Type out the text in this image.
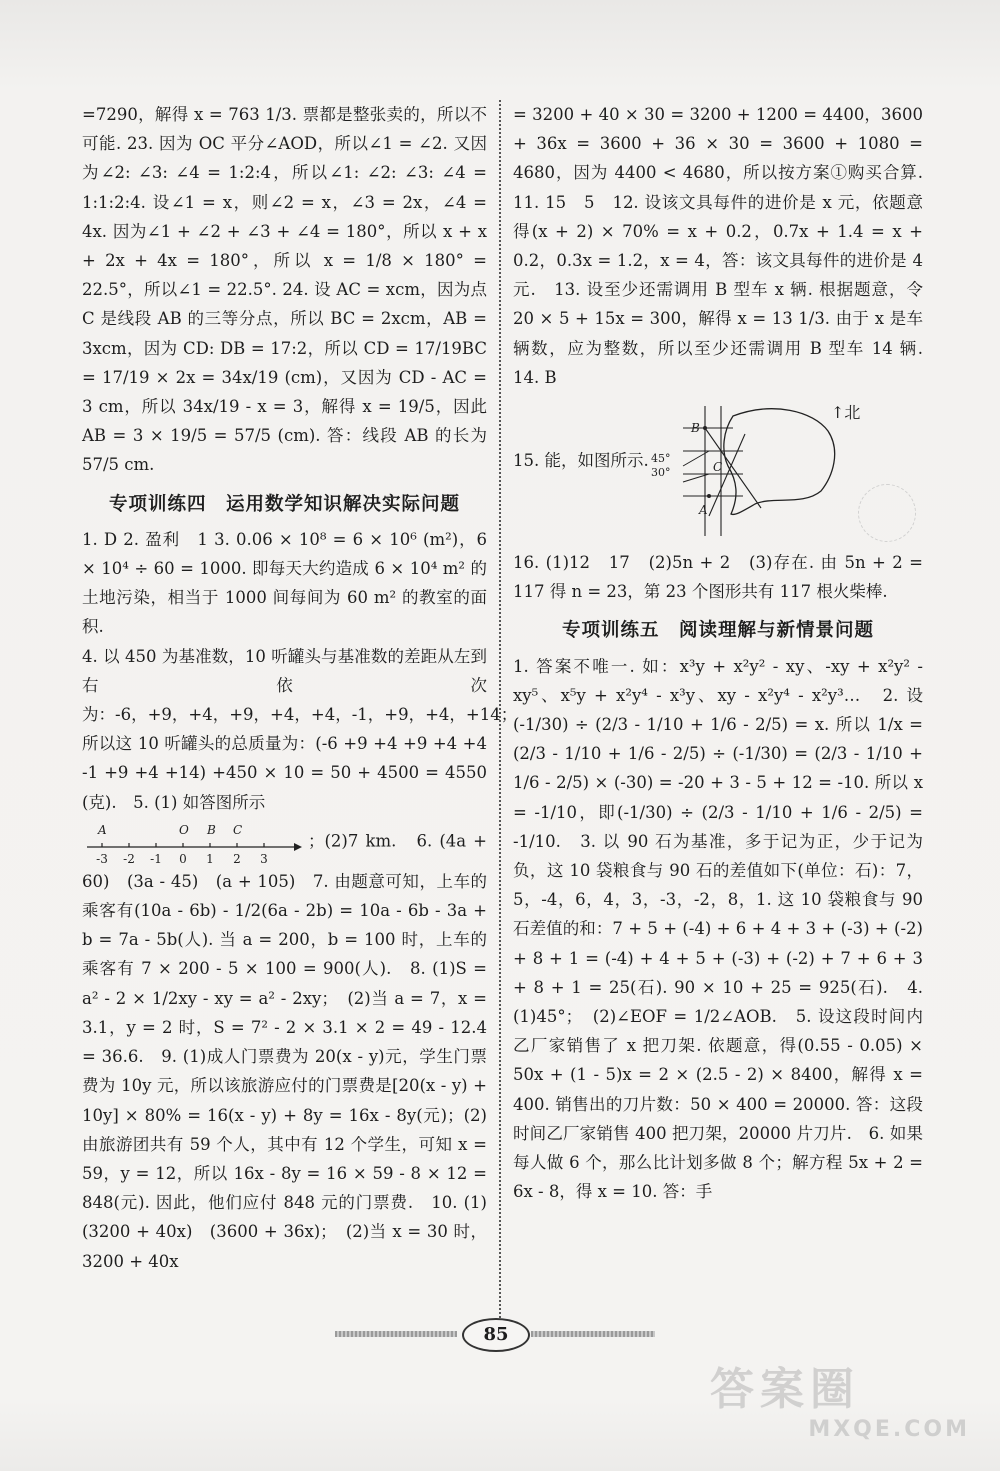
=7290，解得 x = 763 1/3. 票都是整张卖的，所以不可能. 23. 因为 OC 平分∠AOD，所以∠1 = ∠2. 又因为∠2: ∠3: ∠4 = 1:2:4，所以∠1: ∠2: ∠3: ∠4 = 1:1:2:4. 设∠1 = x，则∠2 = x，∠3 = 2x，∠4 = 4x. 因为∠1 + ∠2 + ∠3 + ∠4 = 180°，所以 x + x + 2x + 4x = 180°，所以 x = 1/8 × 180° = 22.5°，所以∠1 = 22.5°. 24. 设 AC = xcm，因为点 C 是线段 AB 的三等分点，所以 BC = 2xcm，AB = 3xcm，因为 CD: DB = 17:2，所以 CD = 17/19BC = 17/19 × 2x = 34x/19 (cm)，又因为 CD - AC = 3 cm，所以 34x/19 - x = 3，解得 x = 19/5，因此 AB = 3 × 19/5 = 57/5 (cm). 答：线段 AB 的长为 57/5 cm.

专项训练四　运用数学知识解决实际问题

1. D 2. 盈利　1 3. 0.06 × 10⁸ = 6 × 10⁶ (m²)，6 × 10⁴ ÷ 60 = 1000. 即每天大约造成 6 × 10⁴ m² 的土地污染，相当于 1000 间每间为 60 m² 的教室的面积.

4. 以 450 为基准数，10 听罐头与基准数的差距从左到右依次为：-6，+9，+4，+9，+4，+4，-1，+9，+4，+14；所以这 10 听罐头的总质量为：(-6 +9 +4 +9 +4 +4 -1 +9 +4 +14) +450 × 10 = 50 + 4500 = 4550 (克).　5. (1) 如答图所示

A	O B C
-3 -2 -1 0 1 2 3
；(2)7 km.　6. (4a + 60)　(3a - 45)　(a + 105)　7. 由题意可知，上车的乘客有(10a - 6b) - 1/2(6a - 2b) = 10a - 6b - 3a + b = 7a - 5b(人). 当 a = 200，b = 100 时，上车的乘客有 7 × 200 - 5 × 100 = 900(人).　8. (1)S = a² - 2 × 1/2xy - xy = a² - 2xy；　(2)当 a = 7，x = 3.1，y = 2 时，S = 7² - 2 × 3.1 × 2 = 49 - 12.4 = 36.6.　9. (1)成人门票费为 20(x - y)元，学生门票费为 10y 元，所以该旅游应付的门票费是[20(x - y) + 10y] × 80% = 16(x - y) + 8y = 16x - 8y(元)；(2)由旅游团共有 59 个人，其中有 12 个学生，可知 x = 59，y = 12，所以 16x - 8y = 16 × 59 - 8 × 12 = 848(元). 因此，他们应付 848 元的门票费.　10. (1)(3200 + 40x)　(3600 + 36x)；　(2)当 x = 30 时，3200 + 40x

= 3200 + 40 × 30 = 3200 + 1200 = 4400，3600 + 36x = 3600 + 36 × 30 = 3600 + 1080 = 4680，因为 4400 < 4680，所以按方案①购买合算.　11. 15　5　12. 设该文具每件的进价是 x 元，依题意得(x + 2) × 70% = x + 0.2，0.7x + 1.4 = x + 0.2，0.3x = 1.2，x = 4，答：该文具每件的进价是 4 元.　13. 设至少还需调用 B 型车 x 辆. 根据题意，令 20 × 5 + 15x = 300，解得 x = 13 1/3. 由于 x 是车辆数，应为整数，所以至少还需调用 B 型车 14 辆.　14. B

15. 能，如图所示.
B
C
A
45°
30°
↑北

16. (1)12　17　(2)5n + 2　(3)存在. 由 5n + 2 = 117 得 n = 23，第 23 个图形共有 117 根火柴棒.

专项训练五　阅读理解与新情景问题

1. 答案不唯一. 如：x³y + x²y² - xy、-xy + x²y² - xy⁵、x⁵y + x²y⁴ - x³y、xy - x²y⁴ - x²y³…　2. 设(-1/30) ÷ (2/3 - 1/10 + 1/6 - 2/5) = x. 所以 1/x = (2/3 - 1/10 + 1/6 - 2/5) ÷ (-1/30) = (2/3 - 1/10 + 1/6 - 2/5) × (-30) = -20 + 3 - 5 + 12 = -10. 所以 x = -1/10，即(-1/30) ÷ (2/3 - 1/10 + 1/6 - 2/5) = -1/10.　3. 以 90 石为基准，多于记为正，少于记为负，这 10 袋粮食与 90 石的差值如下(单位：石)：7，5，-4，6，4，3，-3，-2，8，1. 这 10 袋粮食与 90 石差值的和：7 + 5 + (-4) + 6 + 4 + 3 + (-3) + (-2) + 8 + 1 = (-4) + 4 + 5 + (-3) + (-2) + 7 + 6 + 3 + 8 + 1 = 25(石). 90 × 10 + 25 = 925(石).　4. (1)45°；　(2)∠EOF = 1/2∠AOB.　5. 设这段时间内乙厂家销售了 x 把刀架. 依题意，得(0.55 - 0.05) × 50x + (1 - 5)x = 2 × (2.5 - 2) × 8400，解得 x = 400. 销售出的刀片数：50 × 400 = 20000. 答：这段时间乙厂家销售 400 把刀架，20000 片刀片.　6. 如果每人做 6 个，那么比计划多做 8 个；解方程 5x + 2 = 6x - 8，得 x = 10. 答：手

85
答案圈
MXQE.COM
